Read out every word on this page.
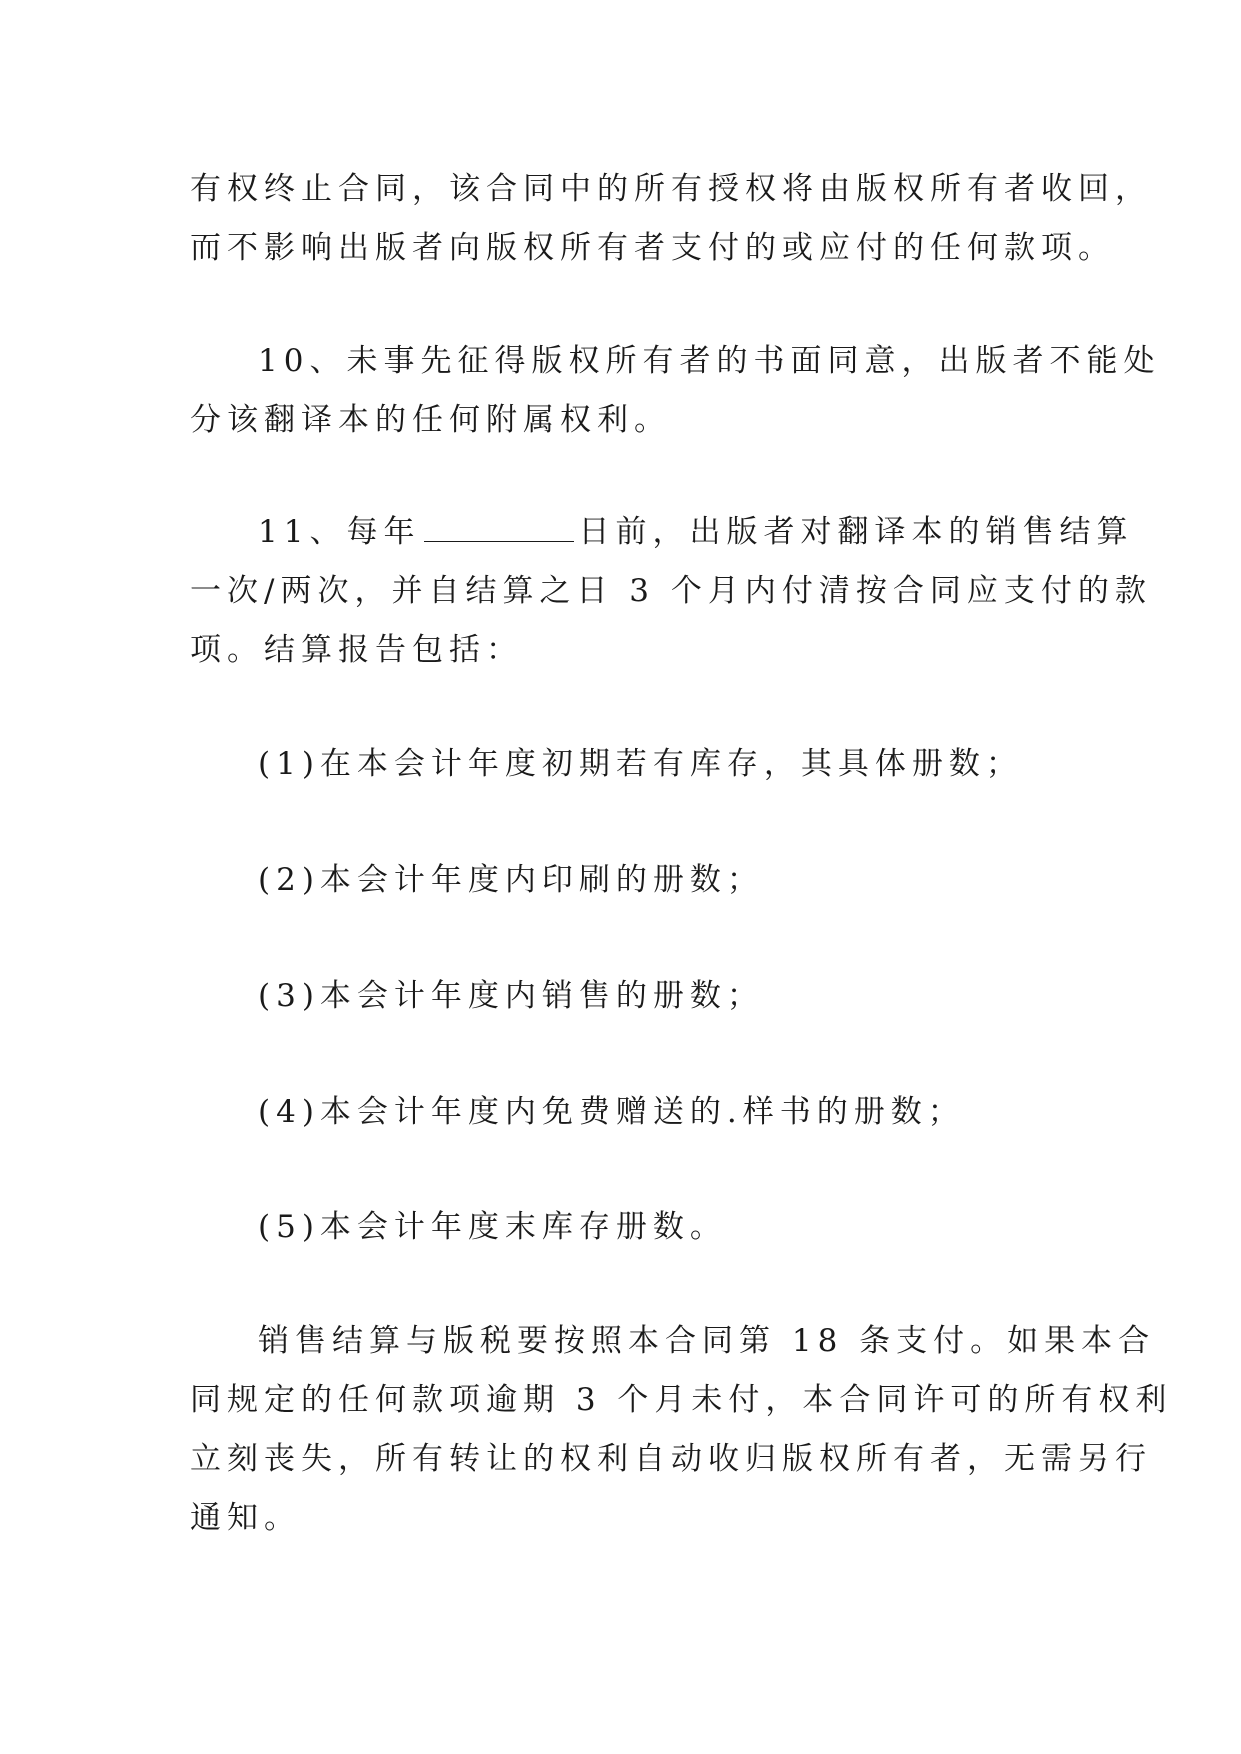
有权终止合同，该合同中的所有授权将由版权所有者收回，
而不影响出版者向版权所有者支付的或应付的任何款项。
10、未事先征得版权所有者的书面同意，出版者不能处
分该翻译本的任何附属权利。
11、每年	日前，出版者对翻译本的销售结算
一次/两次，并自结算之日 3 个月内付清按合同应支付的款
项。结算报告包括：
(1)在本会计年度初期若有库存，其具体册数；
(2)本会计年度内印刷的册数；
(3)本会计年度内销售的册数；
(4)本会计年度内免费赠送的.样书的册数；
(5)本会计年度末库存册数。
销售结算与版税要按照本合同第 18 条支付。如果本合
同规定的任何款项逾期 3 个月未付，本合同许可的所有权利
立刻丧失，所有转让的权利自动收归版权所有者，无需另行
通知。
